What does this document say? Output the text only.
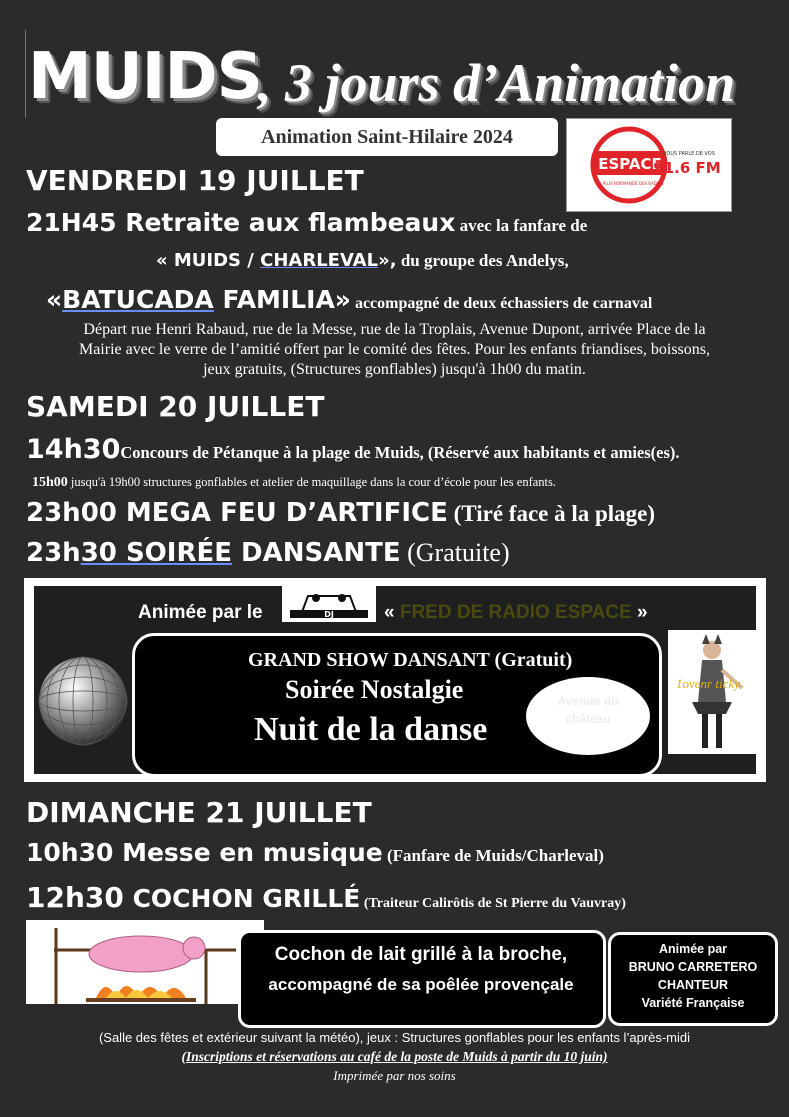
MUIDS
, 3 jours d’Animation
Animation Saint-Hilaire 2024
ESPACE
91.6 FM
VOUS PARLE DE VOS
LA PLUS NORMANDE DES RADIOS
VENDREDI 19 JUILLET
21H45 Retraite aux flambeaux avec la fanfare de
« MUIDS / CHARLEVAL», du groupe des Andelys,
«BATUCADA FAMILIA» accompagné de deux échassiers de carnaval
Départ rue Henri Rabaud, rue de la Messe, rue de la Troplais, Avenue Dupont, arrivée Place de la
Mairie avec le verre de l’amitié offert par le comité des fêtes. Pour les enfants friandises, boissons,
jeux gratuits, (Structures gonflables) jusqu'à 1h00 du matin.
SAMEDI 20 JUILLET
14h30Concours de Pétanque à la plage de Muids, (Réservé aux habitants et amies(es).
15h00 jusqu'à 19h00 structures gonflables et atelier de maquillage dans la cour d’école pour les enfants.
23h00 MEGA FEU D’ARTIFICE (Tiré face à la plage)
23h30 SOIRÉE DANSANTE (Gratuite)
Animée par le	DJ	« FRED DE RADIO ESPACE »
GRAND SHOW DANSANT (Gratuit)
Soirée Nostalgie
Nuit de la danse
Avenue du château
1ovenr ticky
DIMANCHE 21 JUILLET
10h30 Messe en musique (Fanfare de Muids/Charleval)
12h30 COCHON GRILLÉ (Traiteur Calirôtis de St Pierre du Vauvray)
Cochon de lait grillé à la broche,
accompagné de sa poêlée provençale
Animée par
BRUNO CARRETERO
CHANTEUR
Variété Française
(Salle des fêtes et extérieur suivant la météo), jeux : Structures gonflables pour les enfants l’après-midi
(Inscriptions et réservations au café de la poste de Muids à partir du 10 juin)
Imprimée par nos soins
